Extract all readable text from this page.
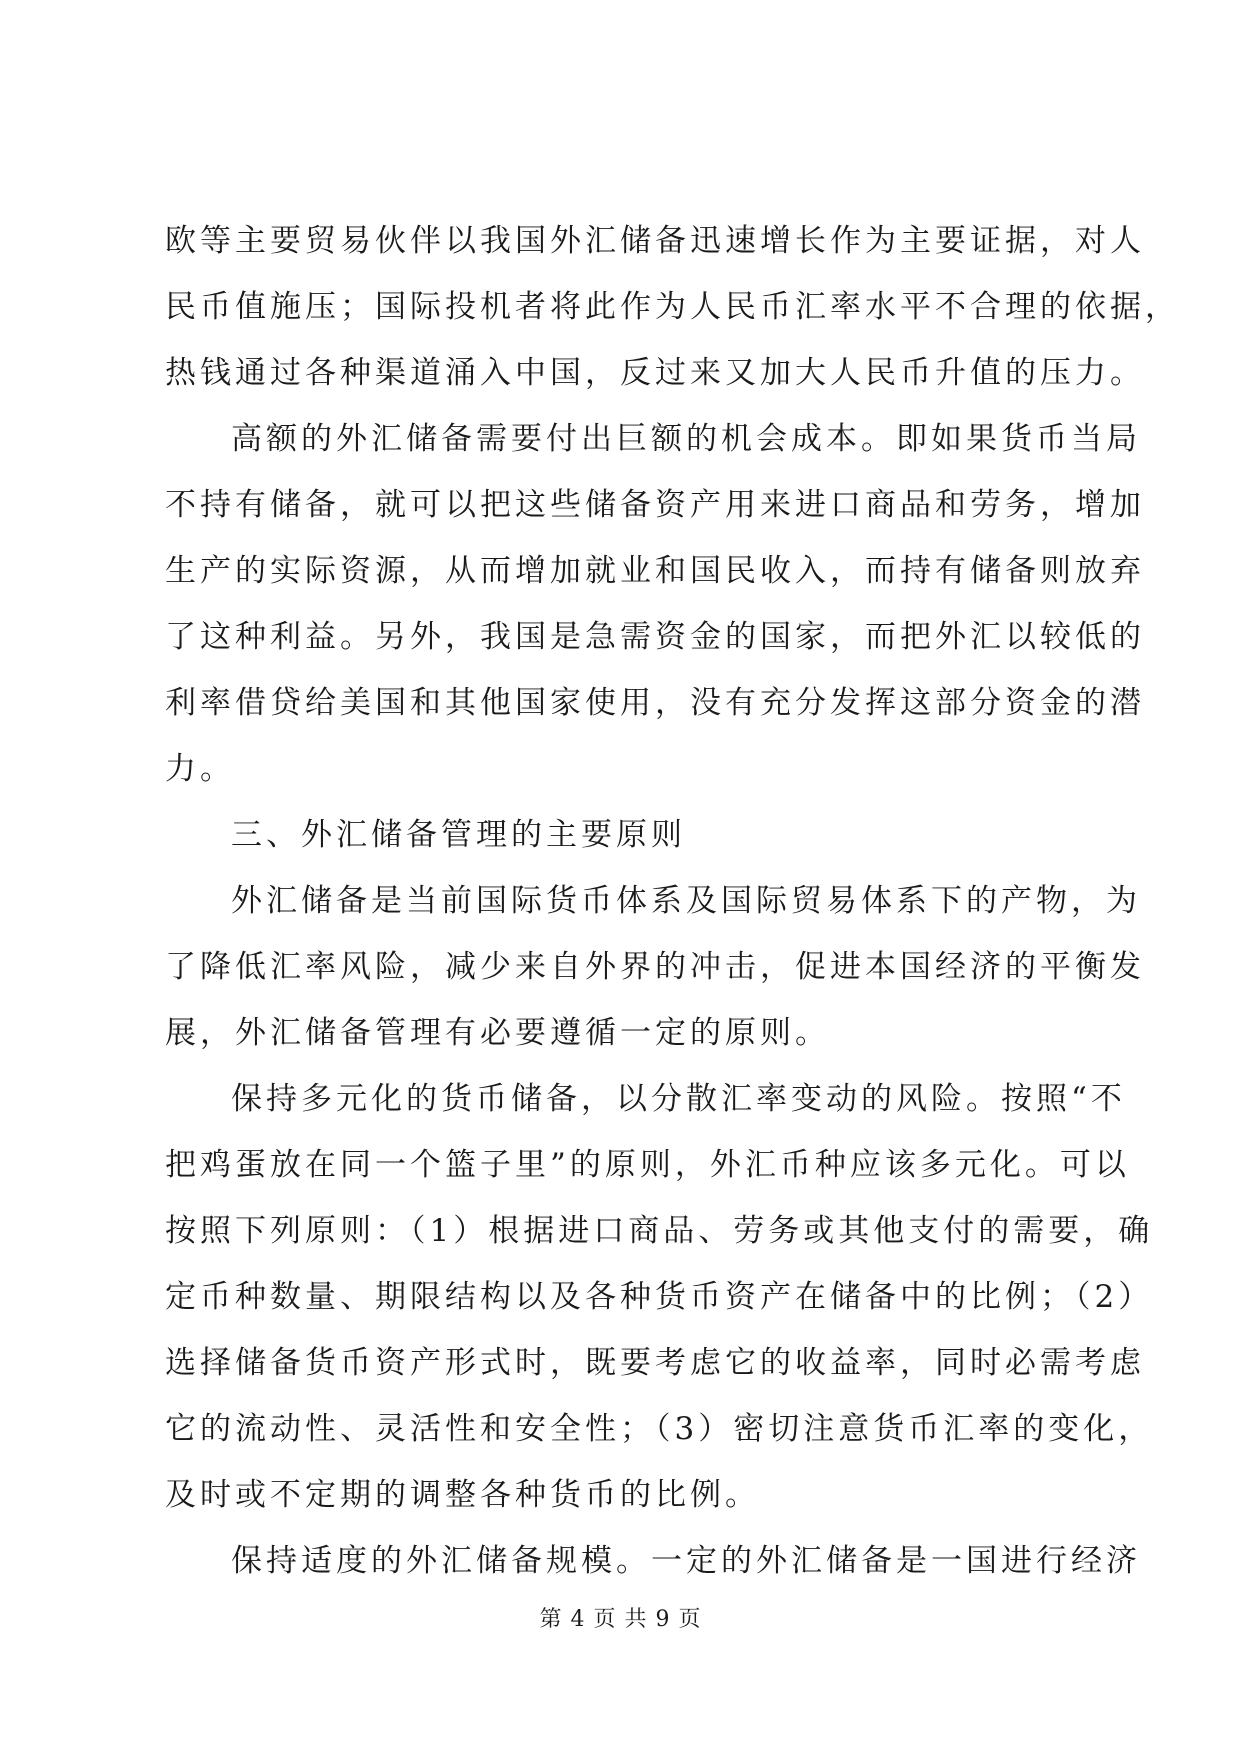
欧等主要贸易伙伴以我国外汇储备迅速增长作为主要证据，对人
民币值施压；国际投机者将此作为人民币汇率水平不合理的依据，
热钱通过各种渠道涌入中国，反过来又加大人民币升值的压力。
高额的外汇储备需要付出巨额的机会成本。即如果货币当局
不持有储备，就可以把这些储备资产用来进口商品和劳务，增加
生产的实际资源，从而增加就业和国民收入，而持有储备则放弃
了这种利益。另外，我国是急需资金的国家，而把外汇以较低的
利率借贷给美国和其他国家使用，没有充分发挥这部分资金的潜
力。
三、外汇储备管理的主要原则
外汇储备是当前国际货币体系及国际贸易体系下的产物，为
了降低汇率风险，减少来自外界的冲击，促进本国经济的平衡发
展，外汇储备管理有必要遵循一定的原则。
保持多元化的货币储备，以分散汇率变动的风险。按照“不
把鸡蛋放在同一个篮子里”的原则，外汇币种应该多元化。可以
按照下列原则：（1）根据进口商品、劳务或其他支付的需要，确
定币种数量、期限结构以及各种货币资产在储备中的比例；（2）
选择储备货币资产形式时，既要考虑它的收益率，同时必需考虑
它的流动性、灵活性和安全性；（3）密切注意货币汇率的变化，
及时或不定期的调整各种货币的比例。
保持适度的外汇储备规模。一定的外汇储备是一国进行经济
第 4 页 共 9 页
